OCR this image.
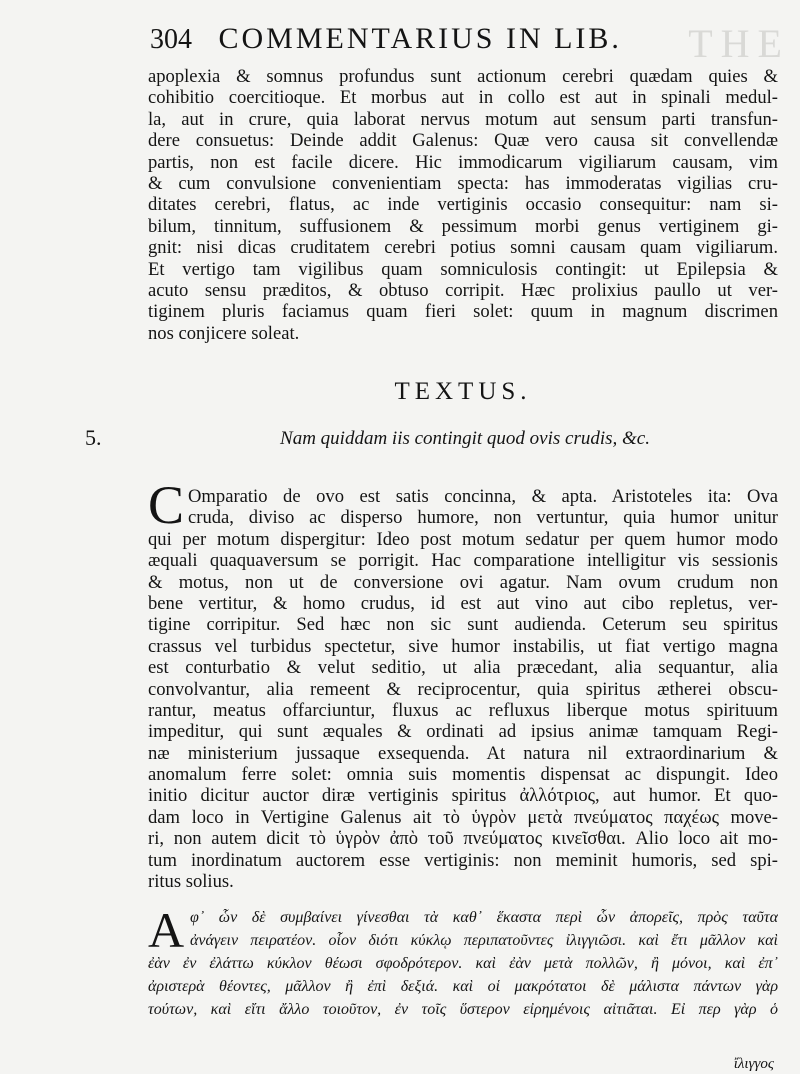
THE
304 COMMENTARIUS IN LIB.
apoplexia & somnus profundus sunt actionum cerebri quædam quies &
cohibitio coercitioque. Et morbus aut in collo est aut in spinali medul-
la, aut in crure, quia laborat nervus motum aut sensum parti transfun-
dere consuetus: Deinde addit Galenus: Quæ vero causa sit convellendæ
partis, non est facile dicere. Hic immodicarum vigiliarum causam, vim
& cum convulsione convenientiam specta: has immoderatas vigilias cru-
ditates cerebri, flatus, ac inde vertiginis occasio consequitur: nam si-
bilum, tinnitum, suffusionem & pessimum morbi genus vertiginem gi-
gnit: nisi dicas cruditatem cerebri potius somni causam quam vigiliarum.
Et vertigo tam vigilibus quam somniculosis contingit: ut Epilepsia &
acuto sensu præditos, & obtuso corripit. Hæc prolixius paullo ut ver-
tiginem pluris faciamus quam fieri solet: quum in magnum discrimen
nos conjicere soleat.
TEXTUS.
5.	Nam quiddam iis contingit quod ovis crudis, &c.
C Omparatio de ovo est satis concinna, & apta. Aristoteles ita: Ova
cruda, diviso ac disperso humore, non vertuntur, quia humor unitur
qui per motum dispergitur: Ideo post motum sedatur per quem humor modo
æquali quaquaversum se porrigit. Hac comparatione intelligitur vis sessionis
& motus, non ut de conversione ovi agatur. Nam ovum crudum non
bene vertitur, & homo crudus, id est aut vino aut cibo repletus, ver-
tigine corripitur. Sed hæc non sic sunt audienda. Ceterum seu spiritus
crassus vel turbidus spectetur, sive humor instabilis, ut fiat vertigo magna
est conturbatio & velut seditio, ut alia præcedant, alia sequantur, alia
convolvantur, alia remeent & reciprocentur, quia spiritus ætherei obscu-
rantur, meatus offarciuntur, fluxus ac refluxus liberque motus spirituum
impeditur, qui sunt æquales & ordinati ad ipsius animæ tamquam Regi-
næ ministerium jussaque exsequenda. At natura nil extraordinarium &
anomalum ferre solet: omnia suis momentis dispensat ac dispungit. Ideo
initio dicitur auctor diræ vertiginis spiritus ἀλλότριος, aut humor. Et quo-
dam loco in Vertigine Galenus ait τὸ ὑγρὸν μετὰ πνεύματος παχέως move-
ri, non autem dicit τὸ ὑγρὸν ἀπὸ τοῦ πνεύματος κινεῖσθαι. Alio loco ait mo-
tum inordinatum auctorem esse vertiginis: non meminit humoris, sed spi-
ritus solius.
Α φ᾽ ὧν δὲ συμβαίνει γίνεσθαι τὰ καθ᾽ ἕκαστα περὶ ὧν ἀπορεῖς, πρὸς ταῦτα
ἀνάγειν πειρατέον. οἷον διότι κύκλῳ περιπατοῦντες ἰλιγγιῶσι. καὶ ἔτι μᾶλλον καὶ
ἐὰν ἐν ἐλάττω κύκλον θέωσι σφοδρότερον. καὶ ἐὰν μετὰ πολλῶν, ἢ μόνοι, καὶ ἐπ᾽
ἀριστερὰ θέοντες, μᾶλλον ἢ ἐπὶ δεξιά. καὶ οἱ μακρότατοι δὲ μάλιστα πάντων γὰρ
τούτων, καὶ εἴτι ἄλλο τοιοῦτον, ἐν τοῖς ὕστερον εἰρημένοις αἰτιᾶται. Εἰ περ γὰρ ὁ
ἴλιγγος
